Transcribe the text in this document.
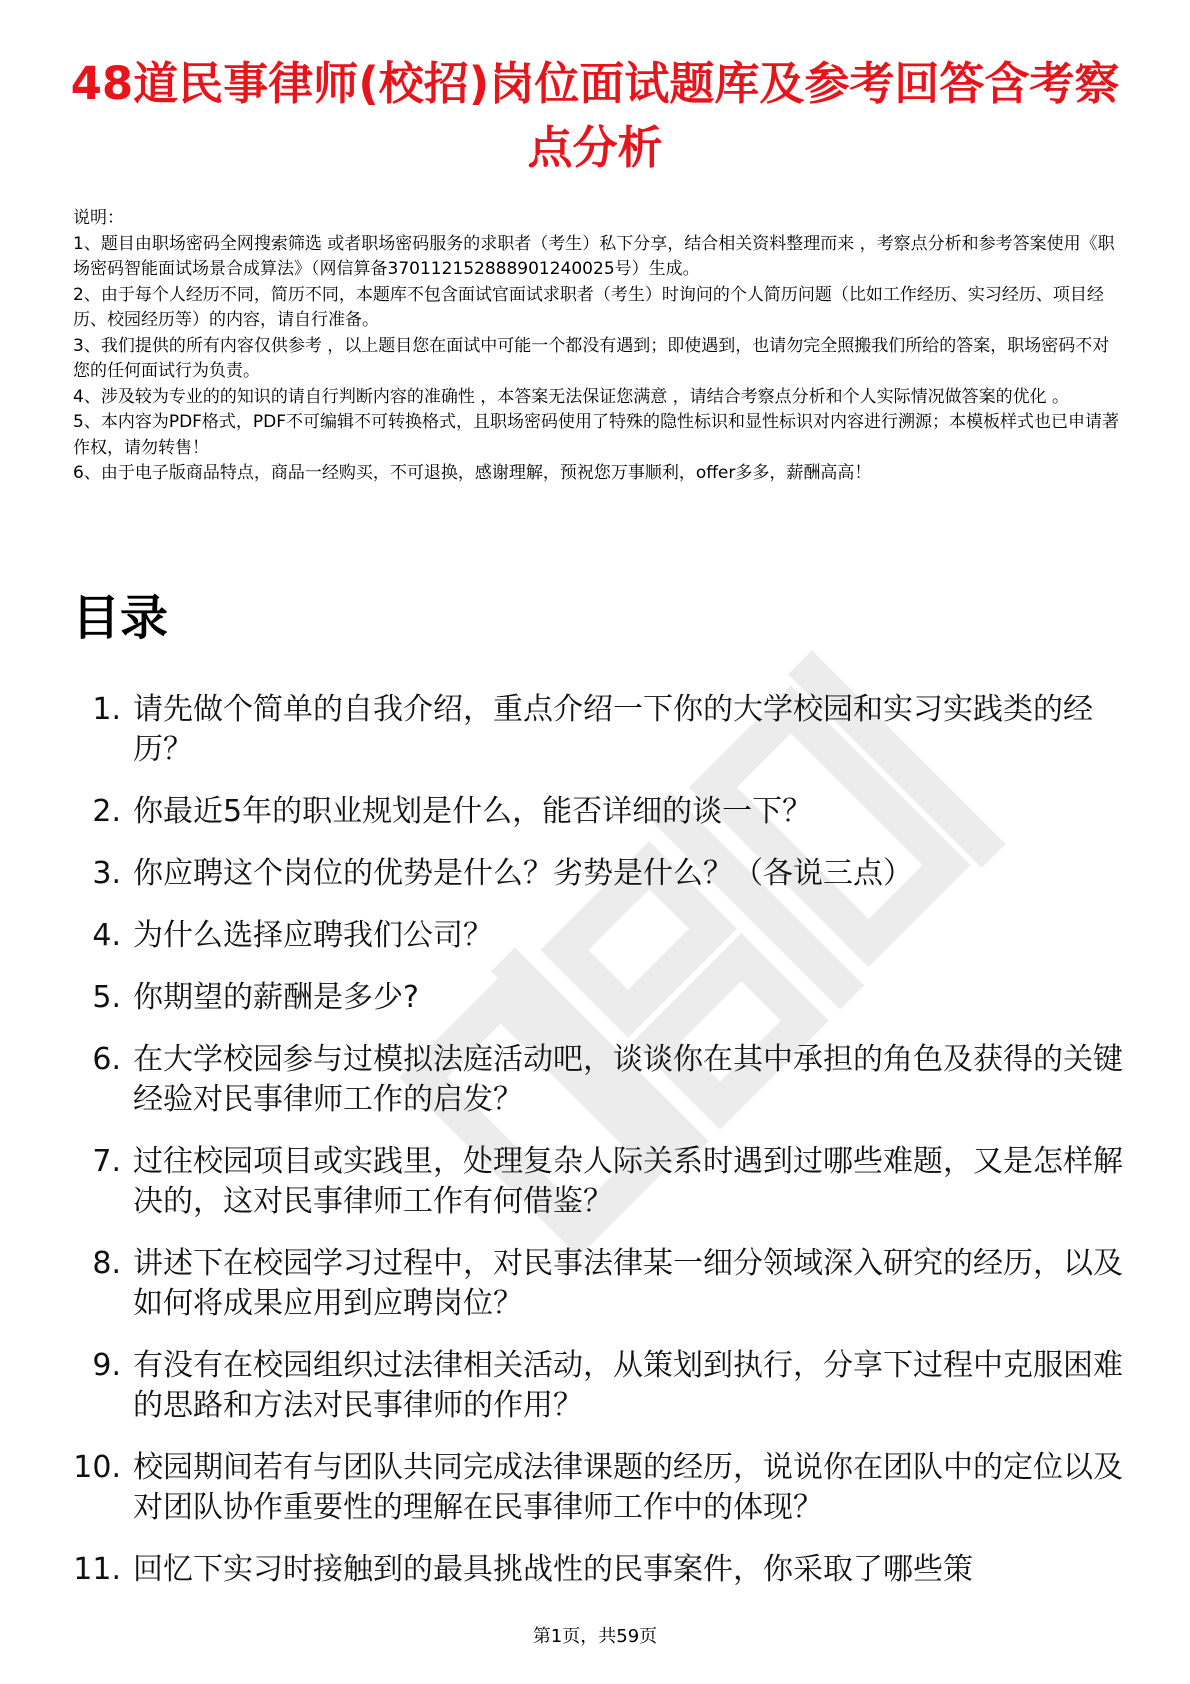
48道民事律师(校招)岗位面试题库及参考回答含考察点分析

说明：

1、题目由职场密码全网搜索筛选 或者职场密码服务的求职者（考生）私下分享，结合相关资料整理而来 ，考察点分析和参考答案使用《职场密码智能面试场景合成算法》（网信算备370112152888901240025号）生成。

2、由于每个人经历不同，简历不同，本题库不包含面试官面试求职者（考生）时询问的个人简历问题（比如工作经历、实习经历、项目经历、校园经历等）的内容，请自行准备。

3、我们提供的所有内容仅供参考 ，以上题目您在面试中可能一个都没有遇到；即使遇到，也请勿完全照搬我们所给的答案，职场密码不对您的任何面试行为负责。

4、涉及较为专业的的知识的请自行判断内容的准确性 ，本答案无法保证您满意 ，请结合考察点分析和个人实际情况做答案的优化 。

5、本内容为PDF格式，PDF不可编辑不可转换格式，且职场密码使用了特殊的隐性标识和显性标识对内容进行溯源；本模板样式也已申请著作权，请勿转售！

6、由于电子版商品特点，商品一经购买，不可退换，感谢理解，预祝您万事顺利，offer多多，薪酬高高！

目录
1. 请先做个简单的自我介绍，重点介绍一下你的大学校园和实习实践类的经历？
2. 你最近5年的职业规划是什么，能否详细的谈一下？
3. 你应聘这个岗位的优势是什么？劣势是什么？（各说三点）
4. 为什么选择应聘我们公司？
5. 你期望的薪酬是多少?
6. 在大学校园参与过模拟法庭活动吧，谈谈你在其中承担的角色及获得的关键经验对民事律师工作的启发？
7. 过往校园项目或实践里，处理复杂人际关系时遇到过哪些难题，又是怎样解决的，这对民事律师工作有何借鉴？
8. 讲述下在校园学习过程中，对民事法律某一细分领域深入研究的经历，以及如何将成果应用到应聘岗位？
9. 有没有在校园组织过法律相关活动，从策划到执行，分享下过程中克服困难的思路和方法对民事律师的作用？
10. 校园期间若有与团队共同完成法律课题的经历，说说你在团队中的定位以及对团队协作重要性的理解在民事律师工作中的体现？
11. 回忆下实习时接触到的最具挑战性的民事案件，你采取了哪些策
第1页，共59页
